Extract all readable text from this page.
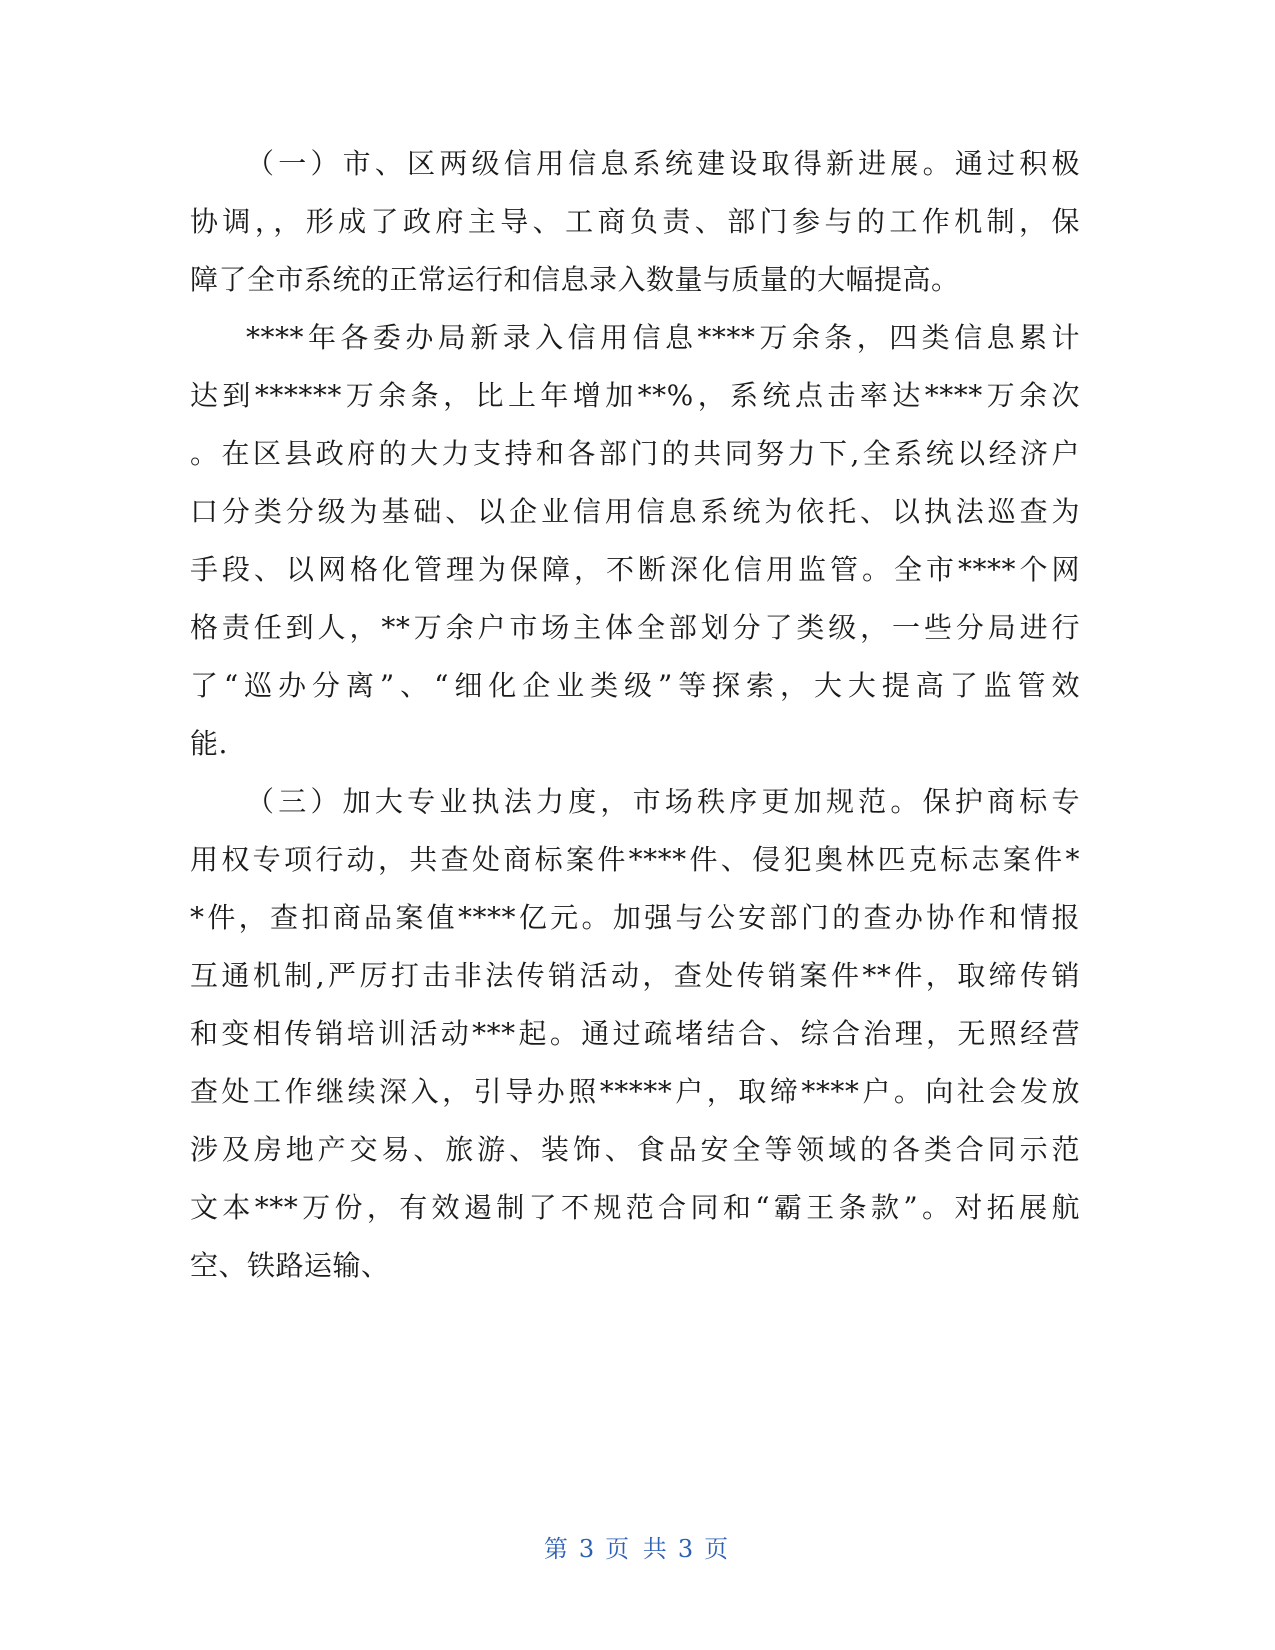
（一）市、区两级信用信息系统建设取得新进展。通过积极
协调，，形成了政府主导、工商负责、部门参与的工作机制，保
障了全市系统的正常运行和信息录入数量与质量的大幅提高。
****年各委办局新录入信用信息****万余条，四类信息累计
达到******万余条，比上年增加**%，系统点击率达****万余次
。在区县政府的大力支持和各部门的共同努力下,全系统以经济户
口分类分级为基础、以企业信用信息系统为依托、以执法巡查为
手段、以网格化管理为保障，不断深化信用监管。全市****个网
格责任到人，**万余户市场主体全部划分了类级，一些分局进行
了“巡办分离”、“细化企业类级”等探索，大大提高了监管效
能.
（三）加大专业执法力度，市场秩序更加规范。保护商标专
用权专项行动，共查处商标案件****件、侵犯奥林匹克标志案件*
*件，查扣商品案值****亿元。加强与公安部门的查办协作和情报
互通机制,严厉打击非法传销活动，查处传销案件**件，取缔传销
和变相传销培训活动***起。通过疏堵结合、综合治理，无照经营
查处工作继续深入，引导办照*****户，取缔****户。向社会发放
涉及房地产交易、旅游、装饰、食品安全等领域的各类合同示范
文本***万份，有效遏制了不规范合同和“霸王条款”。对拓展航
空、铁路运输、
第 3 页 共 3 页
